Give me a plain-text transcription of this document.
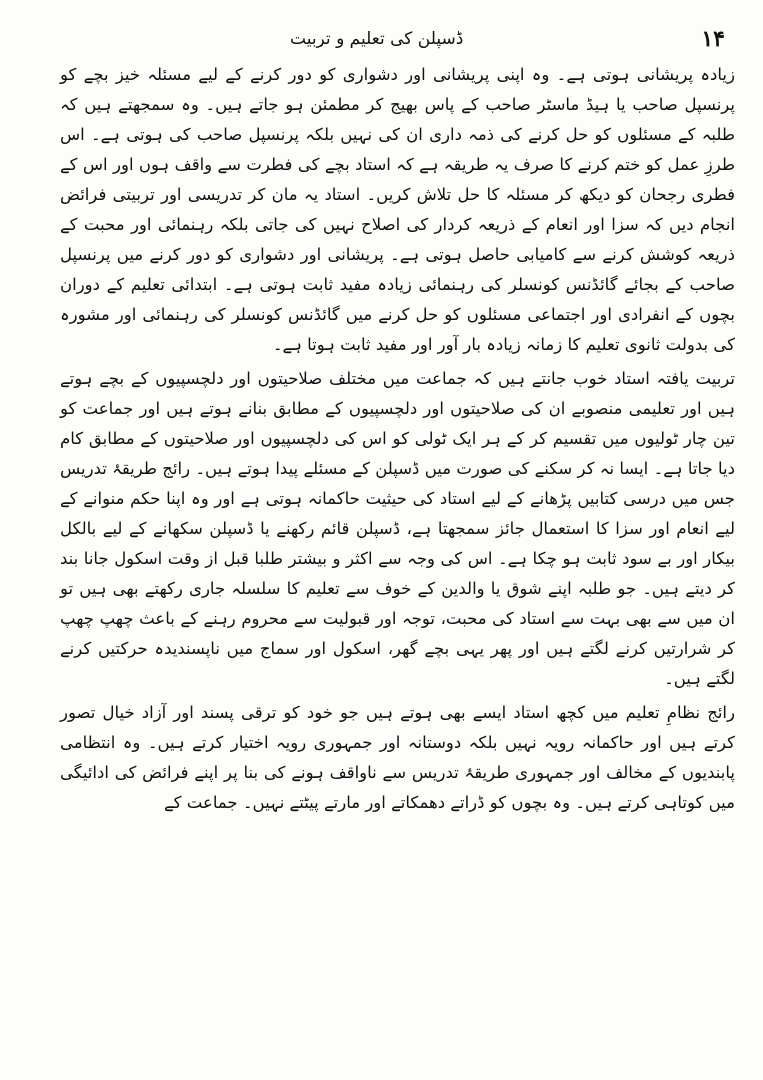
ڈسپلن کی تعلیم و تربیت	۱۴

زیادہ پریشانی ہوتی ہے۔ وہ اپنی پریشانی اور دشواری کو دور کرنے کے لیے مسئلہ خیز بچے کو پرنسپل صاحب یا ہیڈ ماسٹر صاحب کے پاس بھیج کر مطمئن ہو جاتے ہیں۔ وہ سمجھتے ہیں کہ طلبہ کے مسئلوں کو حل کرنے کی ذمہ داری ان کی نہیں بلکہ پرنسپل صاحب کی ہوتی ہے۔ اس طرزِ عمل کو ختم کرنے کا صرف یہ طریقہ ہے کہ استاد بچے کی فطرت سے واقف ہوں اور اس کے فطری رجحان کو دیکھ کر مسئلہ کا حل تلاش کریں۔ استاد یہ مان کر تدریسی اور تربیتی فرائض انجام دیں کہ سزا اور انعام کے ذریعہ کردار کی اصلاح نہیں کی جاتی بلکہ رہنمائی اور محبت کے ذریعہ کوشش کرنے سے کامیابی حاصل ہوتی ہے۔ پریشانی اور دشواری کو دور کرنے میں پرنسپل صاحب کے بجائے گائڈنس کونسلر کی رہنمائی زیادہ مفید ثابت ہوتی ہے۔ ابتدائی تعلیم کے دوران بچوں کے انفرادی اور اجتماعی مسئلوں کو حل کرنے میں گائڈنس کونسلر کی رہنمائی اور مشورہ کی بدولت ثانوی تعلیم کا زمانہ زیادہ بار آور اور مفید ثابت ہوتا ہے۔

تربیت یافتہ استاد خوب جانتے ہیں کہ جماعت میں مختلف صلاحیتوں اور دلچسپیوں کے بچے ہوتے ہیں اور تعلیمی منصوبے ان کی صلاحیتوں اور دلچسپیوں کے مطابق بنانے ہوتے ہیں اور جماعت کو تین چار ٹولیوں میں تقسیم کر کے ہر ایک ٹولی کو اس کی دلچسپیوں اور صلاحیتوں کے مطابق کام دیا جاتا ہے۔ ایسا نہ کر سکنے کی صورت میں ڈسپلن کے مسئلے پیدا ہوتے ہیں۔ رائج طریقۂ تدریس جس میں درسی کتابیں پڑھانے کے لیے استاد کی حیثیت حاکمانہ ہوتی ہے اور وہ اپنا حکم منوانے کے لیے انعام اور سزا کا استعمال جائز سمجھتا ہے، ڈسپلن قائم رکھنے یا ڈسپلن سکھانے کے لیے بالکل بیکار اور بے سود ثابت ہو چکا ہے۔ اس کی وجہ سے اکثر و بیشتر طلبا قبل از وقت اسکول جانا بند کر دیتے ہیں۔ جو طلبہ اپنے شوق یا والدین کے خوف سے تعلیم کا سلسلہ جاری رکھتے بھی ہیں تو ان میں سے بھی بہت سے استاد کی محبت، توجہ اور قبولیت سے محروم رہنے کے باعث چھپ چھپ کر شرارتیں کرنے لگتے ہیں اور پھر یہی بچے گھر، اسکول اور سماج میں ناپسندیدہ حرکتیں کرنے لگتے ہیں۔

رائج نظامِ تعلیم میں کچھ استاد ایسے بھی ہوتے ہیں جو خود کو ترقی پسند اور آزاد خیال تصور کرتے ہیں اور حاکمانہ رویہ نہیں بلکہ دوستانہ اور جمہوری رویہ اختیار کرتے ہیں۔ وہ انتظامی پابندیوں کے مخالف اور جمہوری طریقۂ تدریس سے ناواقف ہونے کی بنا پر اپنے فرائض کی ادائیگی میں کوتاہی کرتے ہیں۔ وہ بچوں کو ڈراتے دھمکاتے اور مارتے پیٹتے نہیں۔ جماعت کے
